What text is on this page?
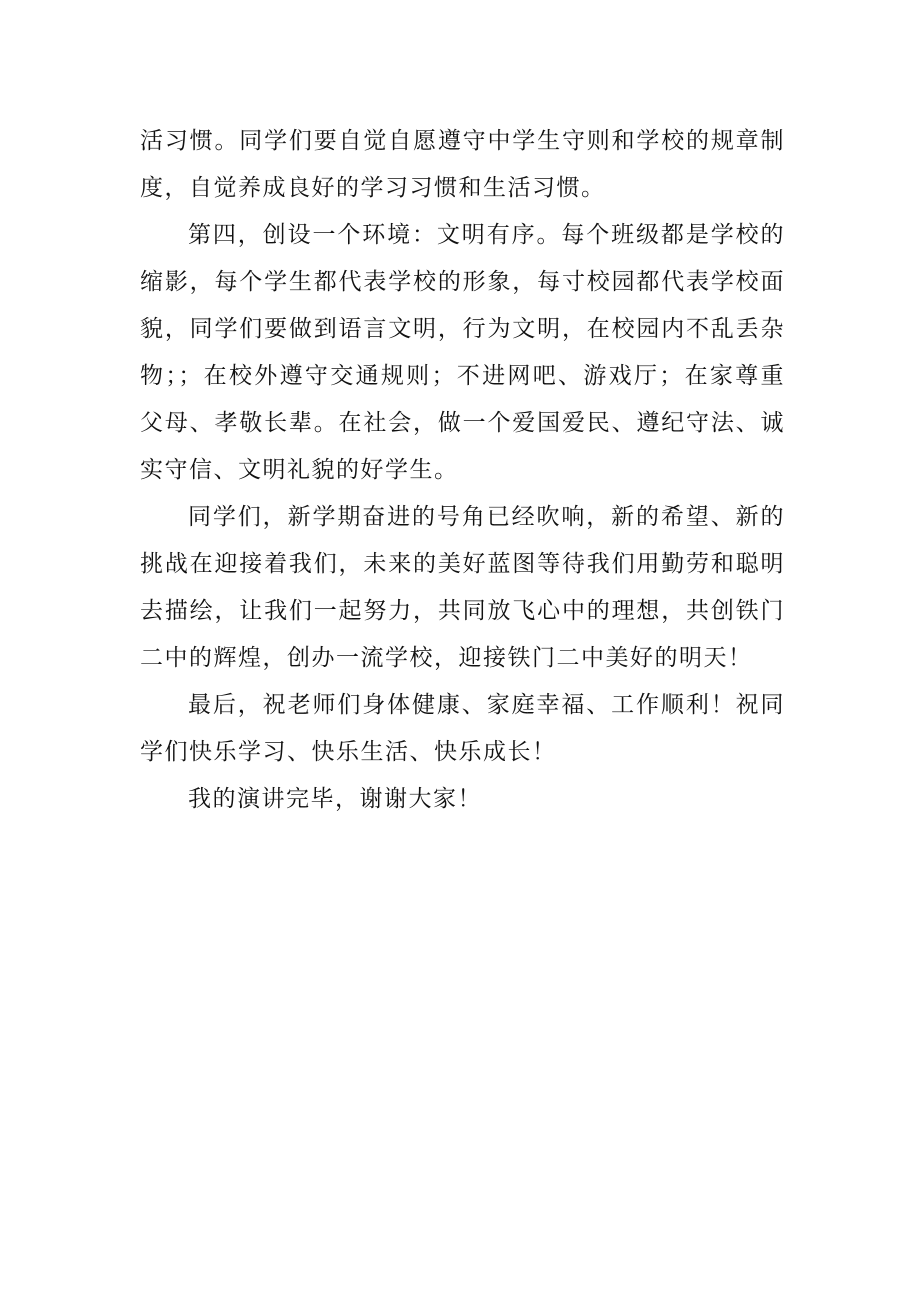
活习惯。同学们要自觉自愿遵守中学生守则和学校的规章制度，自觉养成良好的学习习惯和生活习惯。

第四，创设一个环境：文明有序。每个班级都是学校的缩影，每个学生都代表学校的形象，每寸校园都代表学校面貌，同学们要做到语言文明，行为文明，在校园内不乱丢杂物；；在校外遵守交通规则；不进网吧、游戏厅；在家尊重父母、孝敬长辈。在社会，做一个爱国爱民、遵纪守法、诚实守信、文明礼貌的好学生。

同学们，新学期奋进的号角已经吹响，新的希望、新的挑战在迎接着我们，未来的美好蓝图等待我们用勤劳和聪明去描绘，让我们一起努力，共同放飞心中的理想，共创铁门二中的辉煌，创办一流学校，迎接铁门二中美好的明天！

最后，祝老师们身体健康、家庭幸福、工作顺利！祝同学们快乐学习、快乐生活、快乐成长！

我的演讲完毕，谢谢大家！
